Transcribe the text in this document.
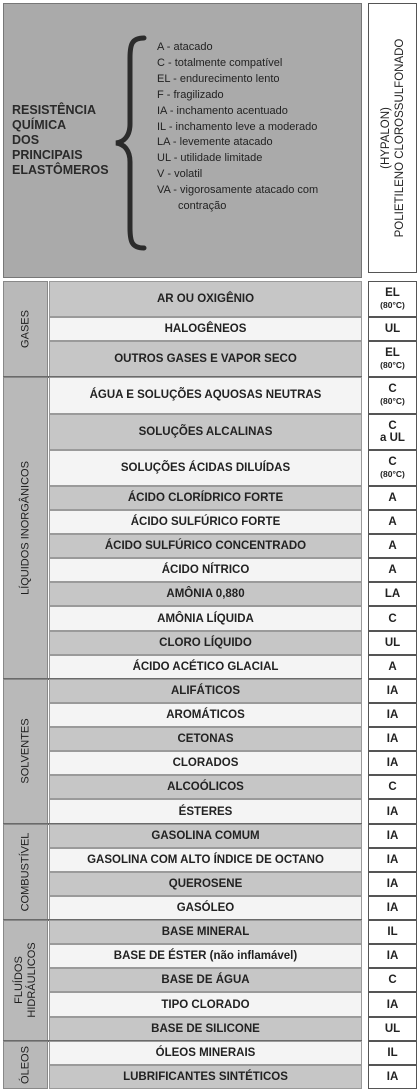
RESISTÊNCIA
QUÍMICA
DOS
PRINCIPAIS
ELASTÔMEROS
A - atacado
C - totalmente compatível
EL - endurecimento lento
F - fragilizado
IA - inchamento acentuado
IL - inchamento leve a moderado
LA - levemente atacado
UL - utilidade limitade
V - volatil
VA - vigorosamente atacado com
contração
(HYPALON) POLIETILENO CLOROSSULFONADO
AR OU OXIGÊNIO	EL
(80°C)
HALOGÊNEOS	UL
OUTROS GASES E VAPOR SECO	EL
(80°C)
GASES
ÁGUA E SOLUÇÕES AQUOSAS NEUTRAS	C
(80°C)
SOLUÇÕES ALCALINAS	C
a UL
SOLUÇÕES ÁCIDAS DILUÍDAS	C
(80°C)
ÁCIDO CLORÍDRICO FORTE	A
ÁCIDO SULFÚRICO FORTE	A
ÁCIDO SULFÚRICO CONCENTRADO	A
ÁCIDO NÍTRICO	A
AMÔNIA 0,880	LA
AMÔNIA LÍQUIDA	C
CLORO LÍQUIDO	UL
ÁCIDO ACÉTICO GLACIAL	A
LÍQUIDOS INORGÂNICOS
ALIFÁTICOS	IA
AROMÁTICOS	IA
CETONAS	IA
CLORADOS	IA
ALCOÓLICOS	C
ÉSTERES	IA
SOLVENTES
GASOLINA COMUM	IA
GASOLINA COM ALTO ÍNDICE DE OCTANO	IA
QUEROSENE	IA
GASÓLEO	IA
COMBUSTÍVEL
BASE MINERAL	IL
BASE DE ÉSTER (não inflamável)	IA
BASE DE ÁGUA	C
TIPO CLORADO	IA
BASE DE SILICONE	UL
FLUÍDOS HIDRÁULICOS
ÓLEOS MINERAIS	IL
LUBRIFICANTES SINTÉTICOS	IA
ÓLEOS
